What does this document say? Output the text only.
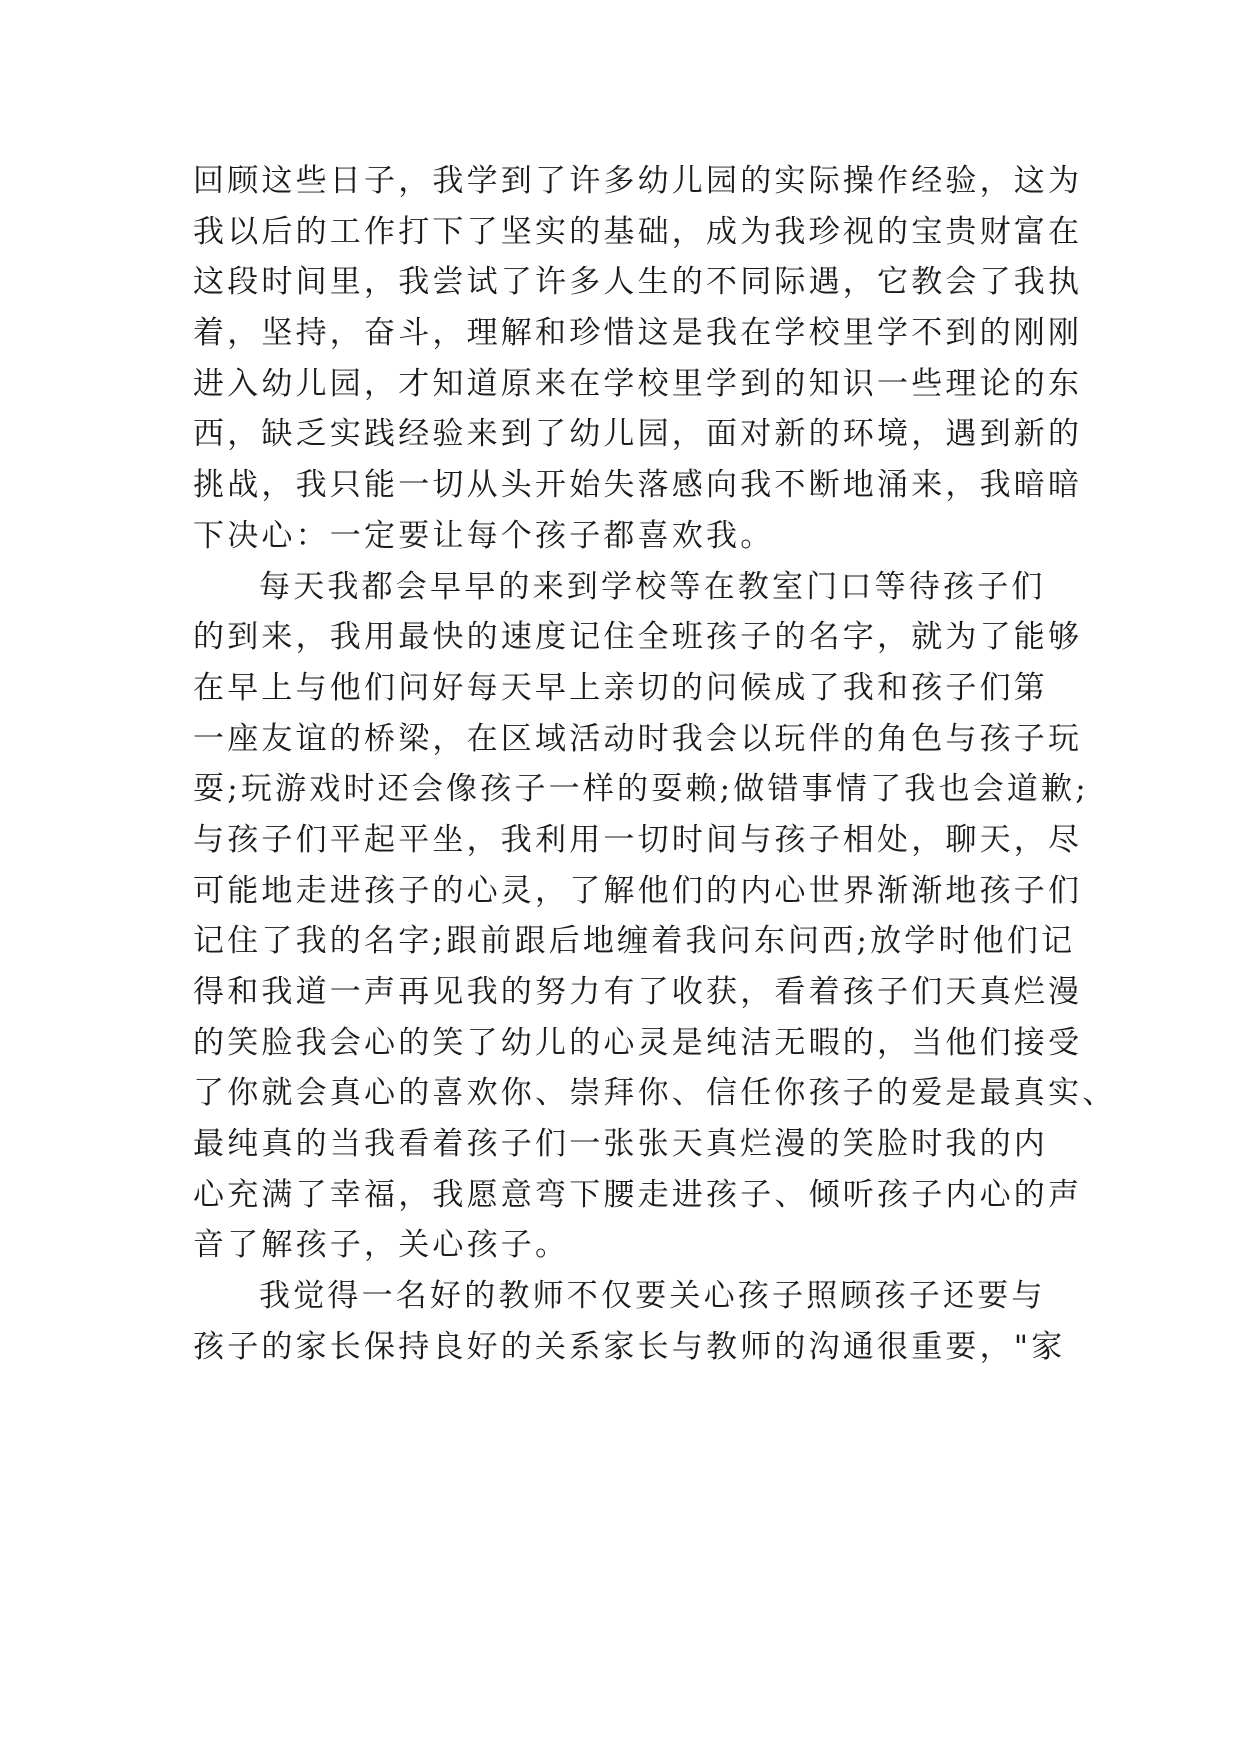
回顾这些日子，我学到了许多幼儿园的实际操作经验，这为
我以后的工作打下了坚实的基础，成为我珍视的宝贵财富在
这段时间里，我尝试了许多人生的不同际遇，它教会了我执
着，坚持，奋斗，理解和珍惜这是我在学校里学不到的刚刚
进入幼儿园，才知道原来在学校里学到的知识一些理论的东
西，缺乏实践经验来到了幼儿园，面对新的环境，遇到新的
挑战，我只能一切从头开始失落感向我不断地涌来，我暗暗
下决心：一定要让每个孩子都喜欢我。
每天我都会早早的来到学校等在教室门口等待孩子们
的到来，我用最快的速度记住全班孩子的名字，就为了能够
在早上与他们问好每天早上亲切的问候成了我和孩子们第
一座友谊的桥梁，在区域活动时我会以玩伴的角色与孩子玩
耍;玩游戏时还会像孩子一样的耍赖;做错事情了我也会道歉;
与孩子们平起平坐，我利用一切时间与孩子相处，聊天，尽
可能地走进孩子的心灵，了解他们的内心世界渐渐地孩子们
记住了我的名字;跟前跟后地缠着我问东问西;放学时他们记
得和我道一声再见我的努力有了收获，看着孩子们天真烂漫
的笑脸我会心的笑了幼儿的心灵是纯洁无暇的，当他们接受
了你就会真心的喜欢你、崇拜你、信任你孩子的爱是最真实、
最纯真的当我看着孩子们一张张天真烂漫的笑脸时我的内
心充满了幸福，我愿意弯下腰走进孩子、倾听孩子内心的声
音了解孩子，关心孩子。
我觉得一名好的教师不仅要关心孩子照顾孩子还要与
孩子的家长保持良好的关系家长与教师的沟通很重要，"家
